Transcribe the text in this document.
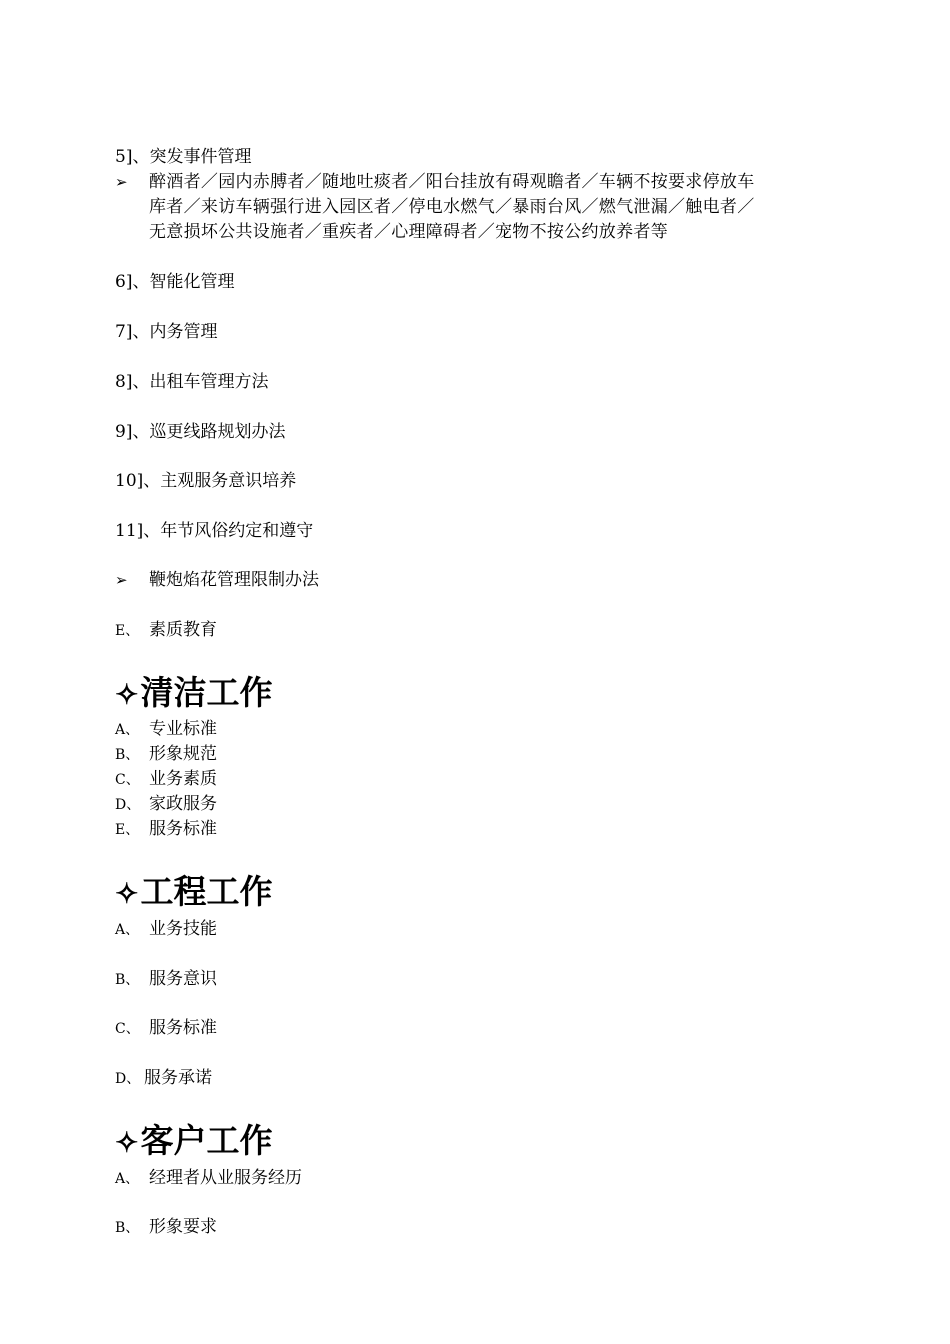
5]、突发事件管理
➢	醉酒者／园内赤膊者／随地吐痰者／阳台挂放有碍观瞻者／车辆不按要求停放车
库者／来访车辆强行进入园区者／停电水燃气／暴雨台风／燃气泄漏／触电者／
无意损坏公共设施者／重疾者／心理障碍者／宠物不按公约放养者等
6]、智能化管理
7]、内务管理
8]、出租车管理方法
9]、巡更线路规划办法
10]、主观服务意识培养
11]、年节风俗约定和遵守
➢ 鞭炮焰花管理限制办法
E、 素质教育
✧清洁工作
A、 专业标准
B、 形象规范
C、 业务素质
D、 家政服务
E、 服务标准
✧工程工作
A、 业务技能
B、 服务意识
C、 服务标准
D、 服务承诺
✧客户工作
A、 经理者从业服务经历
B、 形象要求
